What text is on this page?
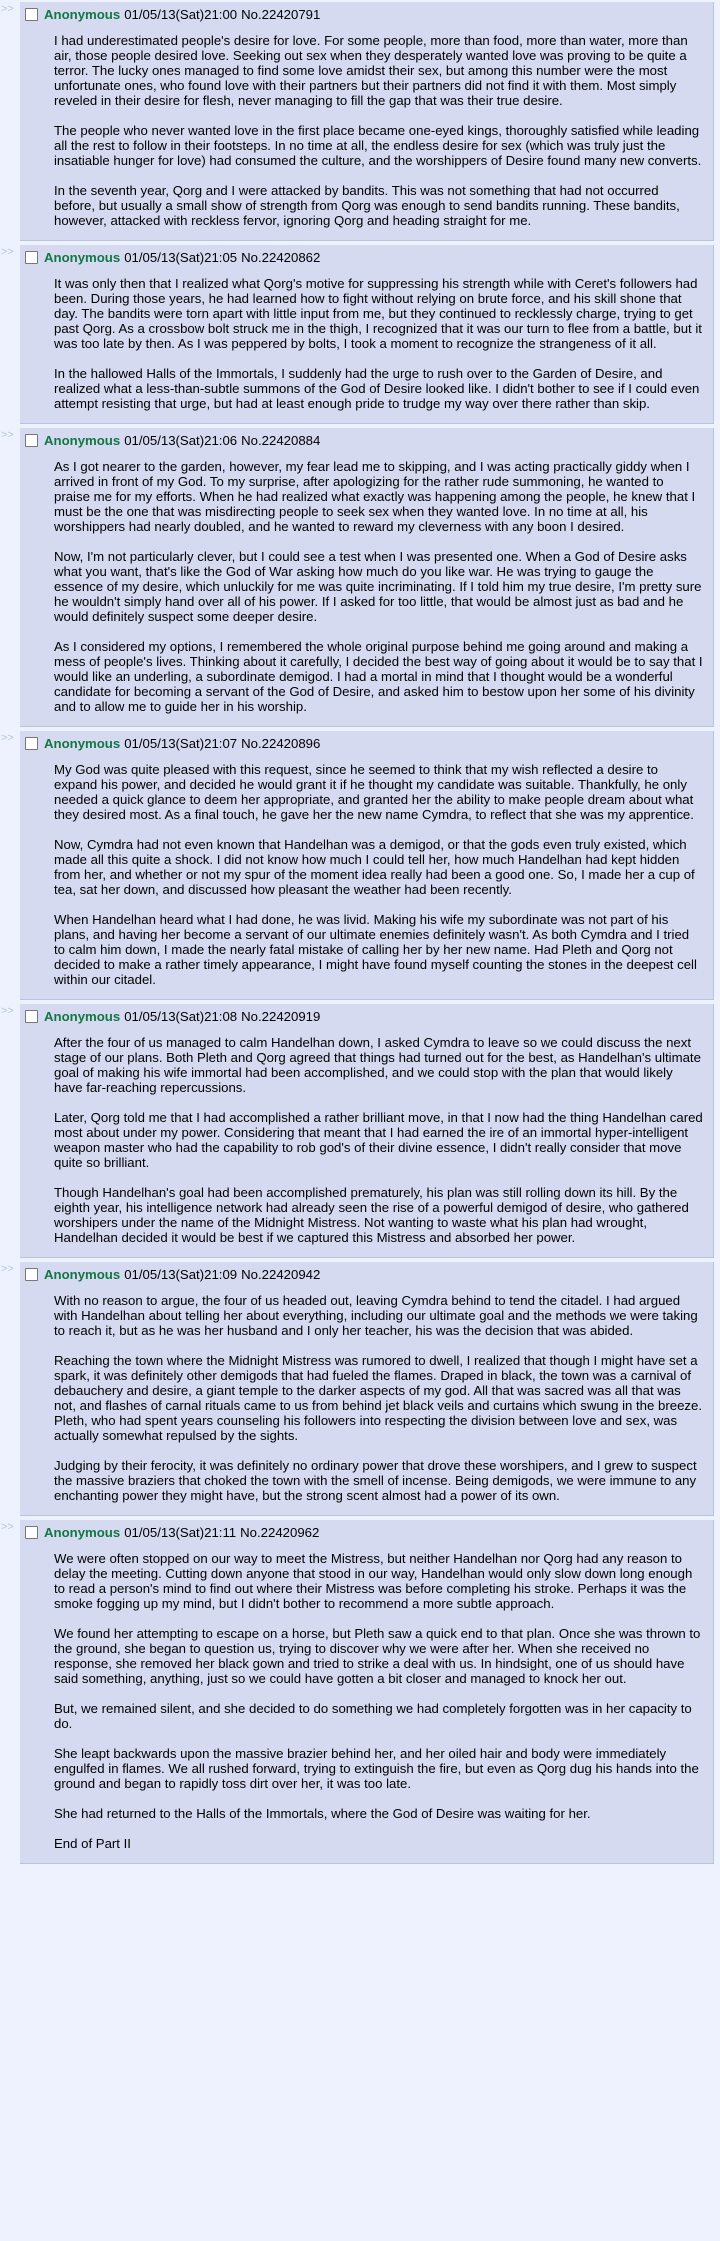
>>	Anonymous 01/05/13(Sat)21:00 No.22420791

I had underestimated people's desire for love. For some people, more than food, more than water, more than air, those people desired love. Seeking out sex when they desperately wanted love was proving to be quite a terror. The lucky ones managed to find some love amidst their sex, but among this number were the most unfortunate ones, who found love with their partners but their partners did not find it with them. Most simply reveled in their desire for flesh, never managing to fill the gap that was their true desire.

The people who never wanted love in the first place became one-eyed kings, thoroughly satisfied while leading all the rest to follow in their footsteps. In no time at all, the endless desire for sex (which was truly just the insatiable hunger for love) had consumed the culture, and the worshippers of Desire found many new converts.

In the seventh year, Qorg and I were attacked by bandits. This was not something that had not occurred before, but usually a small show of strength from Qorg was enough to send bandits running. These bandits, however, attacked with reckless fervor, ignoring Qorg and heading straight for me.

>>	Anonymous 01/05/13(Sat)21:05 No.22420862

It was only then that I realized what Qorg's motive for suppressing his strength while with Ceret's followers had been. During those years, he had learned how to fight without relying on brute force, and his skill shone that day. The bandits were torn apart with little input from me, but they continued to recklessly charge, trying to get past Qorg. As a crossbow bolt struck me in the thigh, I recognized that it was our turn to flee from a battle, but it was too late by then. As I was peppered by bolts, I took a moment to recognize the strangeness of it all.

In the hallowed Halls of the Immortals, I suddenly had the urge to rush over to the Garden of Desire, and realized what a less-than-subtle summons of the God of Desire looked like. I didn't bother to see if I could even attempt resisting that urge, but had at least enough pride to trudge my way over there rather than skip.

>>	Anonymous 01/05/13(Sat)21:06 No.22420884

As I got nearer to the garden, however, my fear lead me to skipping, and I was acting practically giddy when I arrived in front of my God. To my surprise, after apologizing for the rather rude summoning, he wanted to praise me for my efforts. When he had realized what exactly was happening among the people, he knew that I must be the one that was misdirecting people to seek sex when they wanted love. In no time at all, his worshippers had nearly doubled, and he wanted to reward my cleverness with any boon I desired.

Now, I'm not particularly clever, but I could see a test when I was presented one. When a God of Desire asks what you want, that's like the God of War asking how much do you like war. He was trying to gauge the essence of my desire, which unluckily for me was quite incriminating. If I told him my true desire, I'm pretty sure he wouldn't simply hand over all of his power. If I asked for too little, that would be almost just as bad and he would definitely suspect some deeper desire.

As I considered my options, I remembered the whole original purpose behind me going around and making a mess of people's lives. Thinking about it carefully, I decided the best way of going about it would be to say that I would like an underling, a subordinate demigod. I had a mortal in mind that I thought would be a wonderful candidate for becoming a servant of the God of Desire, and asked him to bestow upon her some of his divinity and to allow me to guide her in his worship.

>>	Anonymous 01/05/13(Sat)21:07 No.22420896

My God was quite pleased with this request, since he seemed to think that my wish reflected a desire to expand his power, and decided he would grant it if he thought my candidate was suitable. Thankfully, he only needed a quick glance to deem her appropriate, and granted her the ability to make people dream about what they desired most. As a final touch, he gave her the new name Cymdra, to reflect that she was my apprentice.

Now, Cymdra had not even known that Handelhan was a demigod, or that the gods even truly existed, which made all this quite a shock. I did not know how much I could tell her, how much Handelhan had kept hidden from her, and whether or not my spur of the moment idea really had been a good one. So, I made her a cup of tea, sat her down, and discussed how pleasant the weather had been recently.

When Handelhan heard what I had done, he was livid. Making his wife my subordinate was not part of his plans, and having her become a servant of our ultimate enemies definitely wasn't. As both Cymdra and I tried to calm him down, I made the nearly fatal mistake of calling her by her new name. Had Pleth and Qorg not decided to make a rather timely appearance, I might have found myself counting the stones in the deepest cell within our citadel.

>>	Anonymous 01/05/13(Sat)21:08 No.22420919

After the four of us managed to calm Handelhan down, I asked Cymdra to leave so we could discuss the next stage of our plans. Both Pleth and Qorg agreed that things had turned out for the best, as Handelhan's ultimate goal of making his wife immortal had been accomplished, and we could stop with the plan that would likely have far-reaching repercussions.

Later, Qorg told me that I had accomplished a rather brilliant move, in that I now had the thing Handelhan cared most about under my power. Considering that meant that I had earned the ire of an immortal hyper-intelligent weapon master who had the capability to rob god's of their divine essence, I didn't really consider that move quite so brilliant.

Though Handelhan's goal had been accomplished prematurely, his plan was still rolling down its hill. By the eighth year, his intelligence network had already seen the rise of a powerful demigod of desire, who gathered worshipers under the name of the Midnight Mistress. Not wanting to waste what his plan had wrought, Handelhan decided it would be best if we captured this Mistress and absorbed her power.

>>	Anonymous 01/05/13(Sat)21:09 No.22420942

With no reason to argue, the four of us headed out, leaving Cymdra behind to tend the citadel. I had argued with Handelhan about telling her about everything, including our ultimate goal and the methods we were taking to reach it, but as he was her husband and I only her teacher, his was the decision that was abided.

Reaching the town where the Midnight Mistress was rumored to dwell, I realized that though I might have set a spark, it was definitely other demigods that had fueled the flames. Draped in black, the town was a carnival of debauchery and desire, a giant temple to the darker aspects of my god. All that was sacred was all that was not, and flashes of carnal rituals came to us from behind jet black veils and curtains which swung in the breeze. Pleth, who had spent years counseling his followers into respecting the division between love and sex, was actually somewhat repulsed by the sights.

Judging by their ferocity, it was definitely no ordinary power that drove these worshipers, and I grew to suspect the massive braziers that choked the town with the smell of incense. Being demigods, we were immune to any enchanting power they might have, but the strong scent almost had a power of its own.

>>	Anonymous 01/05/13(Sat)21:11 No.22420962

We were often stopped on our way to meet the Mistress, but neither Handelhan nor Qorg had any reason to delay the meeting. Cutting down anyone that stood in our way, Handelhan would only slow down long enough to read a person's mind to find out where their Mistress was before completing his stroke. Perhaps it was the smoke fogging up my mind, but I didn't bother to recommend a more subtle approach.

We found her attempting to escape on a horse, but Pleth saw a quick end to that plan. Once she was thrown to the ground, she began to question us, trying to discover why we were after her. When she received no response, she removed her black gown and tried to strike a deal with us. In hindsight, one of us should have said something, anything, just so we could have gotten a bit closer and managed to knock her out.

But, we remained silent, and she decided to do something we had completely forgotten was in her capacity to do.

She leapt backwards upon the massive brazier behind her, and her oiled hair and body were immediately engulfed in flames. We all rushed forward, trying to extinguish the fire, but even as Qorg dug his hands into the ground and began to rapidly toss dirt over her, it was too late.

She had returned to the Halls of the Immortals, where the God of Desire was waiting for her.

End of Part II
